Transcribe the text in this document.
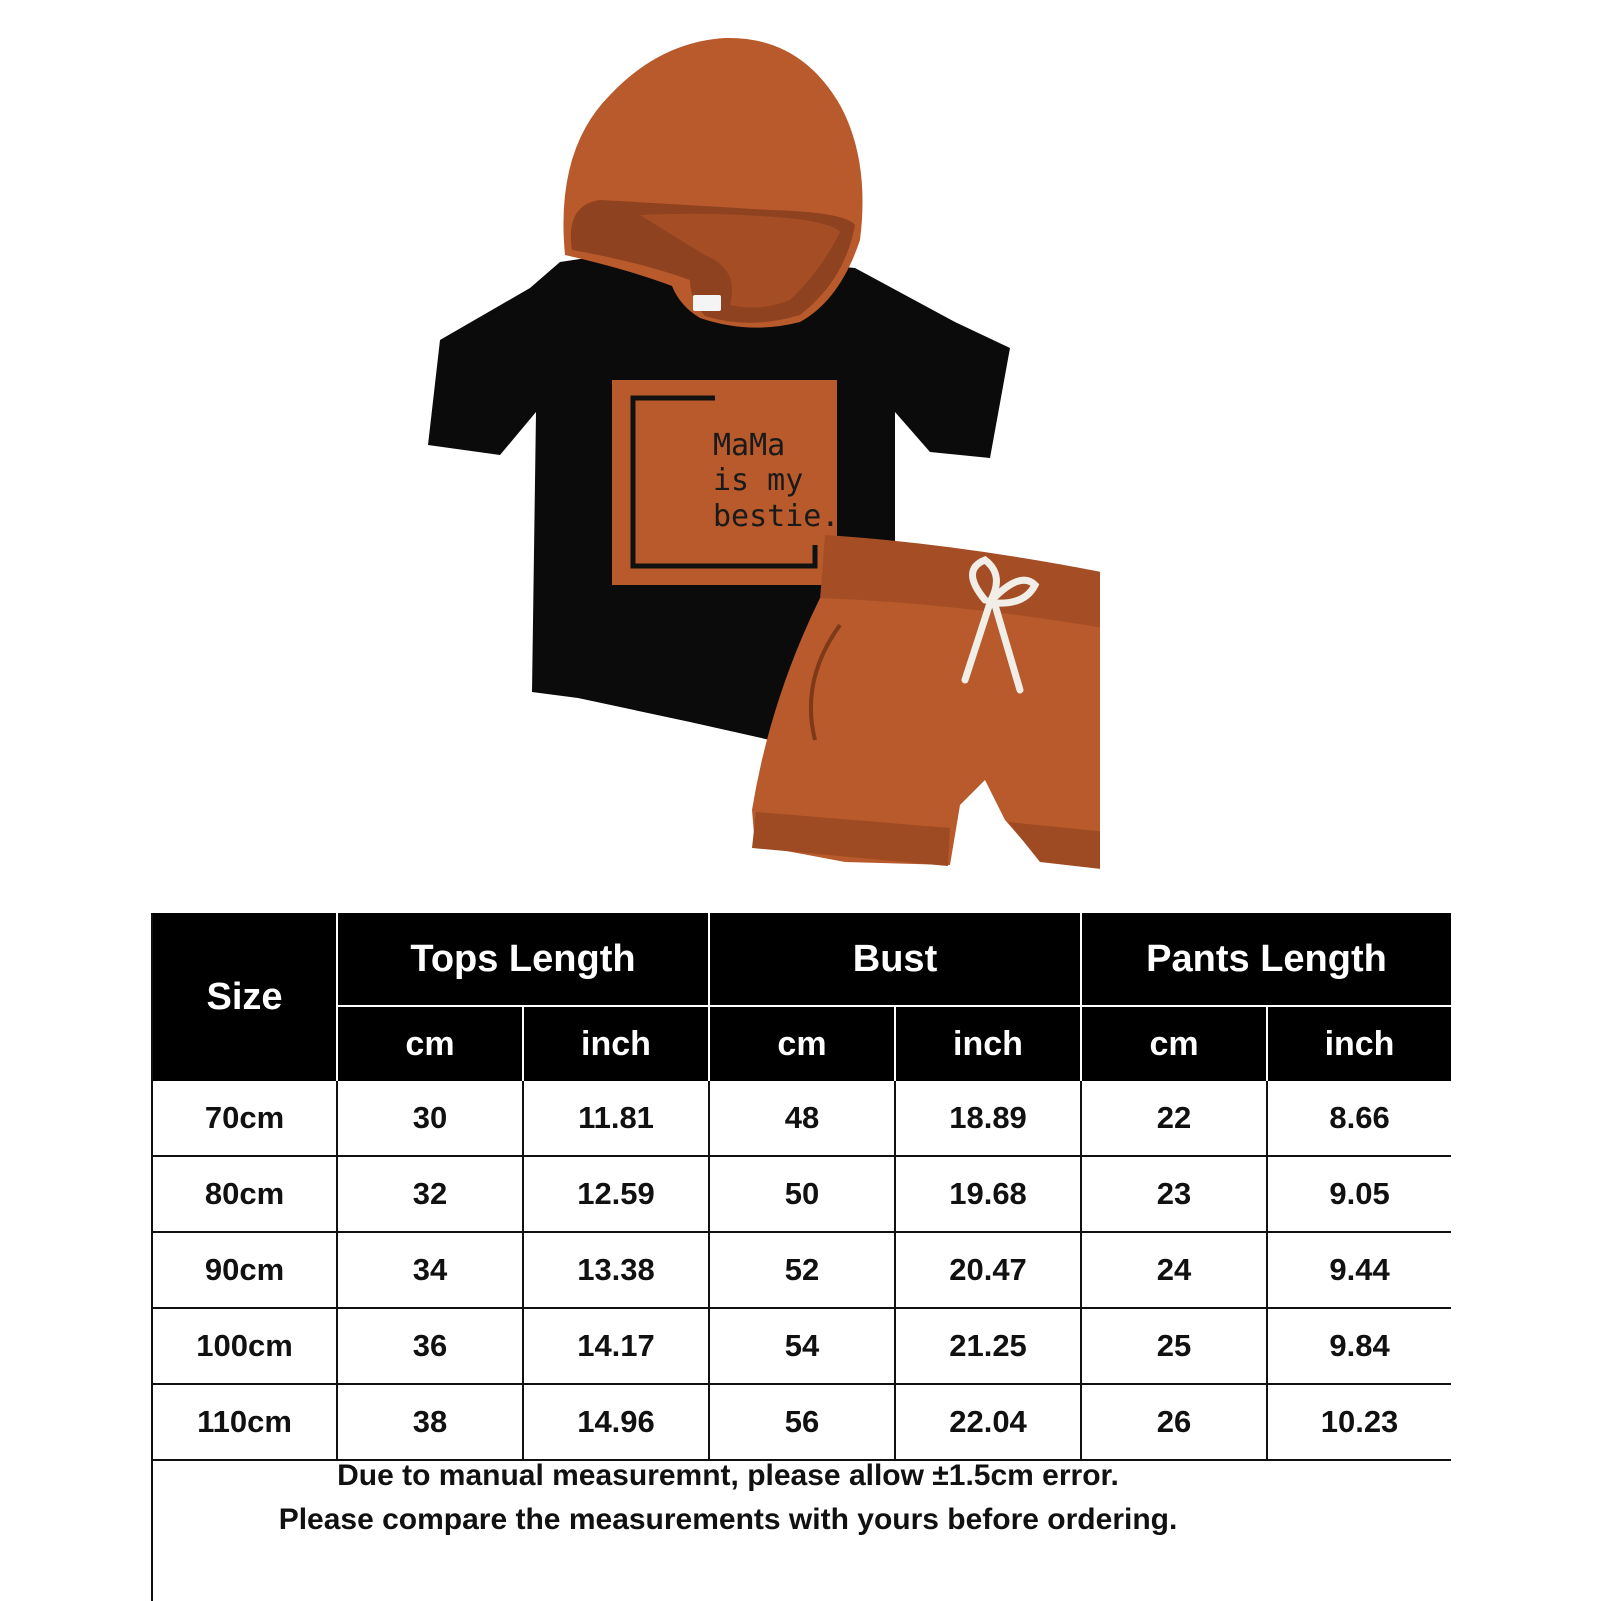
MaMa
is my
bestie.
Size	Tops Length		Bust		Pants Length	
	cm	inch	cm	inch	cm	inch
70cm	30	11.81	48	18.89	22	8.66
80cm	32	12.59	50	19.68	23	9.05
90cm	34	13.38	52	20.47	24	9.44
100cm	36	14.17	54	21.25	25	9.84
110cm	38	14.96	56	22.04	26	10.23
Due to manual measuremnt, please allow ±1.5cm error.
Please compare the measurements with yours before ordering.
